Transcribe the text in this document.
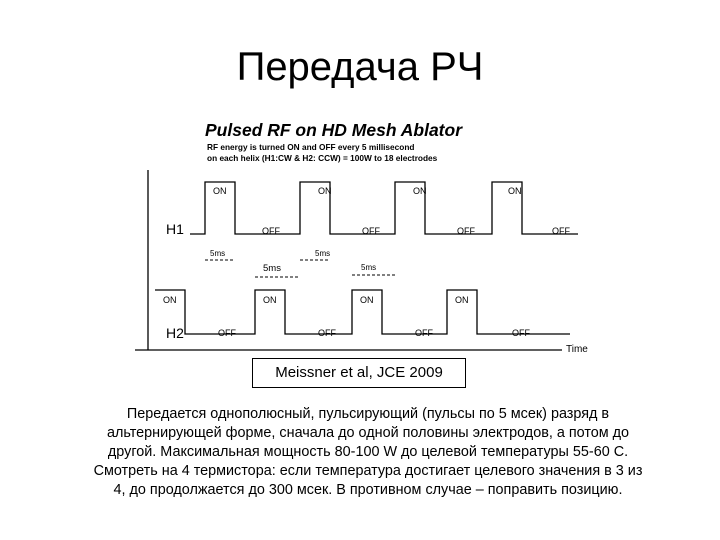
Передача РЧ
Pulsed RF on HD Mesh Ablator
RF energy is turned ON and OFF every 5 millisecond
on each helix (H1:CW & H2: CCW) = 100W to 18 electrodes
Time
H1
ON	ON	ON	ON
OFF	OFF	OFF	OFF
5ms	5ms
5ms	5ms
H2
ON	ON	ON	ON
OFF	OFF	OFF	OFF
Meissner et al, JCE 2009
Передается однополюсный, пульсирующий (пульсы по 5 мсек) разряд в альтернирующей форме, сначала до одной половины электродов, а потом до другой. Максимальная мощность 80-100 W до целевой температуры 55-60 С. Смотреть на 4 термистора: если температура достигает целевого значения в 3 из 4, до продолжается до 300 мсек. В противном случае – поправить позицию.
